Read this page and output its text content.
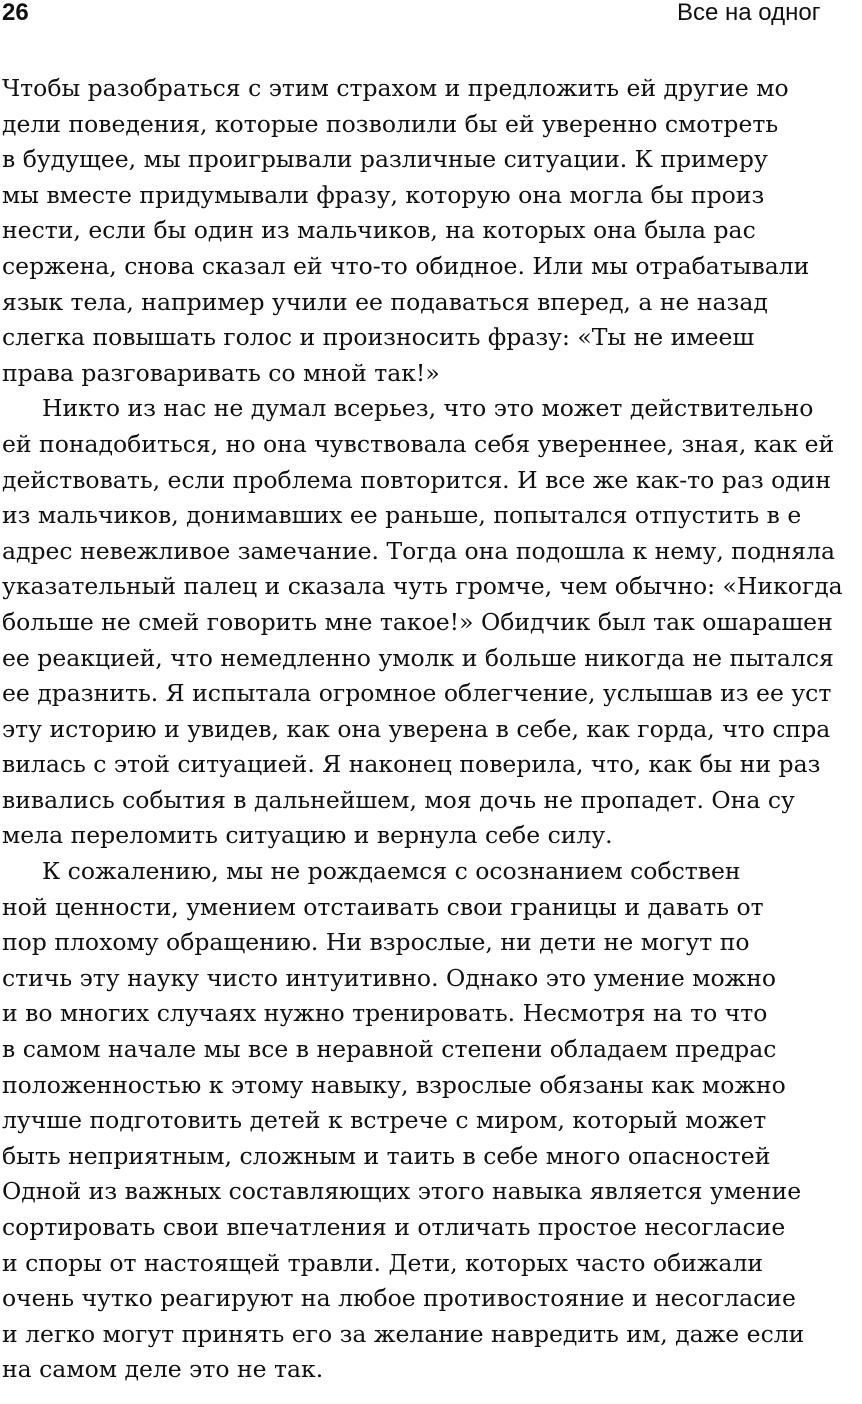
26	Все на одног
Чтобы разобраться с этим страхом и предложить ей другие мо
дели поведения, которые позволили бы ей уверенно смотреть
в будущее, мы проигрывали различные ситуации. К примеру
мы вместе придумывали фразу, которую она могла бы произ
нести, если бы один из мальчиков, на которых она была рас
сержена, снова сказал ей что-то обидное. Или мы отрабатывали
язык тела, например учили ее подаваться вперед, а не назад
слегка повышать голос и произносить фразу: «Ты не имееш
права разговаривать со мной так!»
Никто из нас не думал всерьез, что это может действительно
ей понадобиться, но она чувствовала себя увереннее, зная, как ей
действовать, если проблема повторится. И все же как-то раз один
из мальчиков, донимавших ее раньше, попытался отпустить в е
адрес невежливое замечание. Тогда она подошла к нему, подняла
указательный палец и сказала чуть громче, чем обычно: «Никогда
больше не смей говорить мне такое!» Обидчик был так ошарашен
ее реакцией, что немедленно умолк и больше никогда не пытался
ее дразнить. Я испытала огромное облегчение, услышав из ее уст
эту историю и увидев, как она уверена в себе, как горда, что спра
вилась с этой ситуацией. Я наконец поверила, что, как бы ни раз
вивались события в дальнейшем, моя дочь не пропадет. Она су
мела переломить ситуацию и вернула себе силу.
К сожалению, мы не рождаемся с осознанием собствен
ной ценности, умением отстаивать свои границы и давать от
пор плохому обращению. Ни взрослые, ни дети не могут по
стичь эту науку чисто интуитивно. Однако это умение можно
и во многих случаях нужно тренировать. Несмотря на то что
в самом начале мы все в неравной степени обладаем предрас
положенностью к этому навыку, взрослые обязаны как можно
лучше подготовить детей к встрече с миром, который может
быть неприятным, сложным и таить в себе много опасностей
Одной из важных составляющих этого навыка является умение
сортировать свои впечатления и отличать простое несогласие
и споры от настоящей травли. Дети, которых часто обижали
очень чутко реагируют на любое противостояние и несогласие
и легко могут принять его за желание навредить им, даже если
на самом деле это не так.
